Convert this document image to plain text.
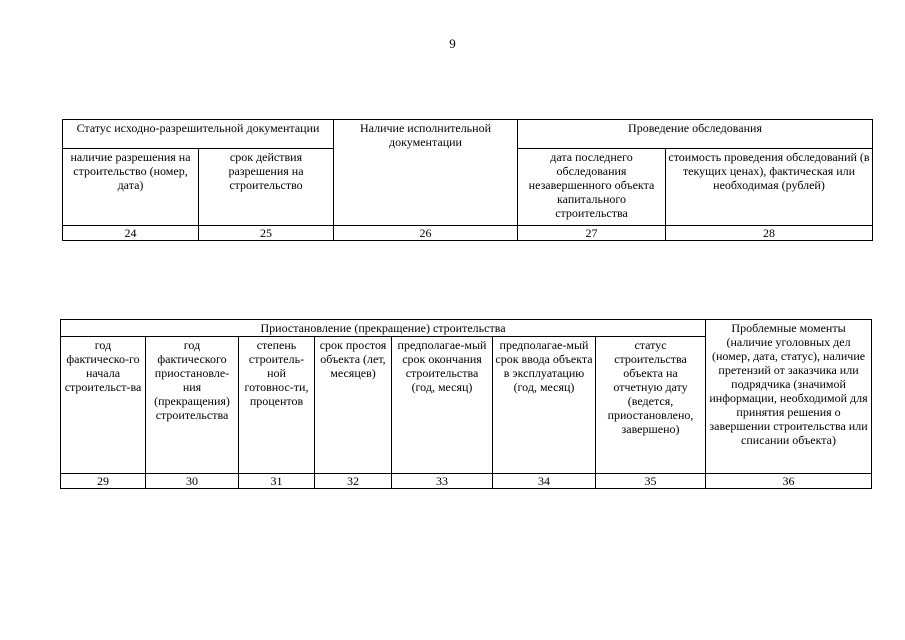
9
Статус исходно-разрешительной документации		Наличие исполнительной документации	Проведение обследования	
наличие разрешения на строительство (номер, дата)	срок действия разрешения на строительство		дата последнего обследования незавершенного объекта капитального строительства	стоимость проведения обследований (в текущих ценах), фактическая или необходимая (рублей)
24	25	26	27	28
Приостановление (прекращение) строительства							Проблемные моменты (наличие уголовных дел (номер, дата, статус), наличие претензий от заказчика или подрядчика (значимой информации, необходимой для принятия решения о завершении строительства или списании объекта)
год фактическо-го начала строительст-ва	год фактического приостановле-ния (прекращения) строительства	степень строитель-ной готовнос-ти, процентов	срок простоя объекта (лет, месяцев)	предполагае-мый срок окончания строительства (год, месяц)	предполагае-мый срок ввода объекта в эксплуатацию (год, месяц)	статус строительства объекта на отчетную дату (ведется, приостановлено, завершено)	
29	30	31	32	33	34	35	36
